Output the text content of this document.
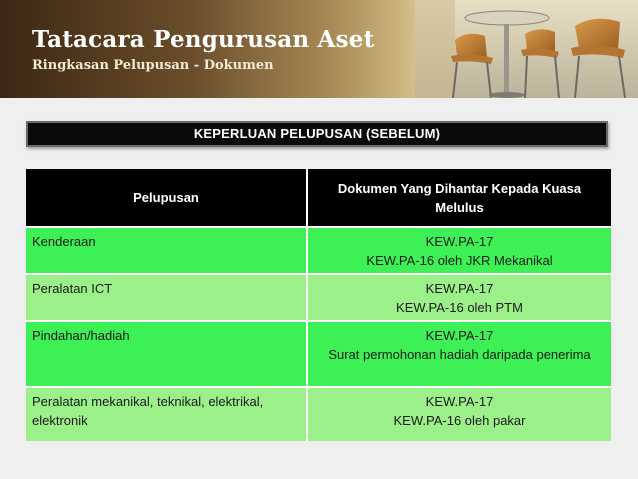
Tatacara Pengurusan Aset
Ringkasan Pelupusan - Dokumen
KEPERLUAN PELUPUSAN (SEBELUM)
Pelupusan	Dokumen Yang Dihantar Kepada Kuasa Melulus
Kenderaan	KEW.PA-17
KEW.PA-16 oleh JKR Mekanikal

Peralatan ICT	KEW.PA-17
KEW.PA-16 oleh PTM

Pindahan/hadiah	KEW.PA-17
Surat permohonan hadiah daripada penerima

Peralatan mekanikal, teknikal, elektrikal, elektronik	KEW.PA-17
KEW.PA-16 oleh pakar
